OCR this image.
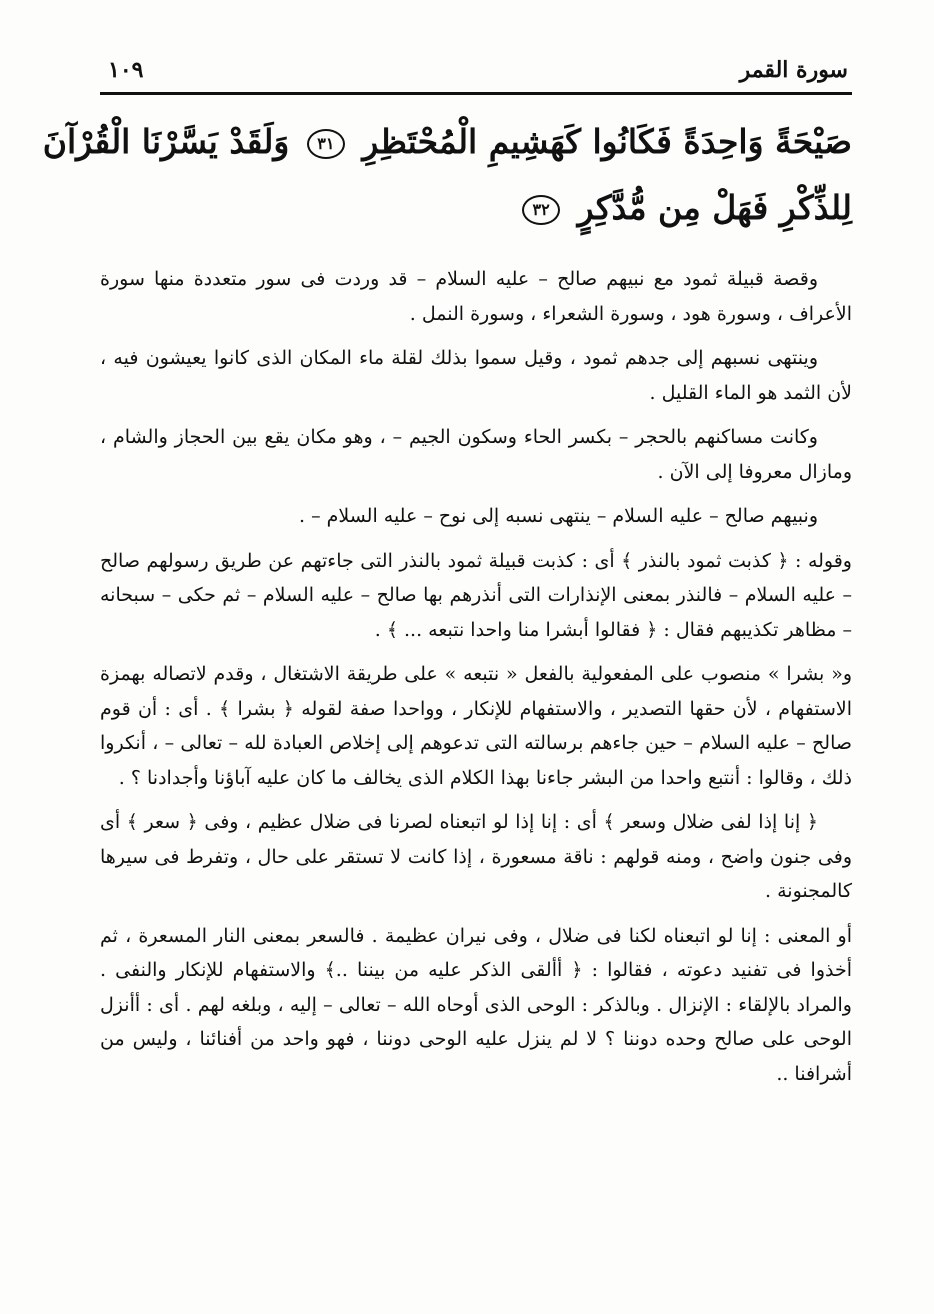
سورة القمر
١٠٩
صَيْحَةً وَاحِدَةً فَكَانُوا كَهَشِيمِ الْمُحْتَظِرِ ٣١ وَلَقَدْ يَسَّرْنَا الْقُرْآنَ
لِلذِّكْرِ فَهَلْ مِن مُّدَّكِرٍ ٣٢

وقصة قبيلة ثمود مع نبيهم صالح – عليه السلام – قد وردت فى سور متعددة منها سورة الأعراف ، وسورة هود ، وسورة الشعراء ، وسورة النمل .

وينتهى نسبهم إلى جدهم ثمود ، وقيل سموا بذلك لقلة ماء المكان الذى كانوا يعيشون فيه ، لأن الثمد هو الماء القليل .

وكانت مساكنهم بالحجر – بكسر الحاء وسكون الجيم – ، وهو مكان يقع بين الحجاز والشام ، ومازال معروفا إلى الآن .

ونبيهم صالح – عليه السلام – ينتهى نسبه إلى نوح – عليه السلام – .

وقوله : ﴿ كذبت ثمود بالنذر ﴾ أى : كذبت قبيلة ثمود بالنذر التى جاءتهم عن طريق رسولهم صالح – عليه السلام – فالنذر بمعنى الإنذارات التى أنذرهم بها صالح – عليه السلام – ثم حكى – سبحانه – مظاهر تكذيبهم فقال : ﴿ فقالوا أبشرا منا واحدا نتبعه ... ﴾ .

و« بشرا » منصوب على المفعولية بالفعل « نتبعه » على طريقة الاشتغال ، وقدم لاتصاله بهمزة الاستفهام ، لأن حقها التصدير ، والاستفهام للإنكار ، وواحدا صفة لقوله ﴿ بشرا ﴾ . أى : أن قوم صالح – عليه السلام – حين جاءهم برسالته التى تدعوهم إلى إخلاص العبادة لله – تعالى – ، أنكروا ذلك ، وقالوا : أنتبع واحدا من البشر جاءنا بهذا الكلام الذى يخالف ما كان عليه آباؤنا وأجدادنا ؟ .

﴿ إنا إذا لفى ضلال وسعر ﴾ أى : إنا إذا لو اتبعناه لصرنا فى ضلال عظيم ، وفى ﴿ سعر ﴾ أى وفى جنون واضح ، ومنه قولهم : ناقة مسعورة ، إذا كانت لا تستقر على حال ، وتفرط فى سيرها كالمجنونة .

أو المعنى : إنا لو اتبعناه لكنا فى ضلال ، وفى نيران عظيمة . فالسعر بمعنى النار المسعرة ، ثم أخذوا فى تفنيد دعوته ، فقالوا : ﴿ أألقى الذكر عليه من بيننا ..﴾ والاستفهام للإنكار والنفى . والمراد بالإلقاء : الإنزال . وبالذكر : الوحى الذى أوحاه الله – تعالى – إليه ، وبلغه لهم . أى : أأنزل الوحى على صالح وحده دوننا ؟ لا لم ينزل عليه الوحى دوننا ، فهو واحد من أفنائنا ، وليس من أشرافنا ..
